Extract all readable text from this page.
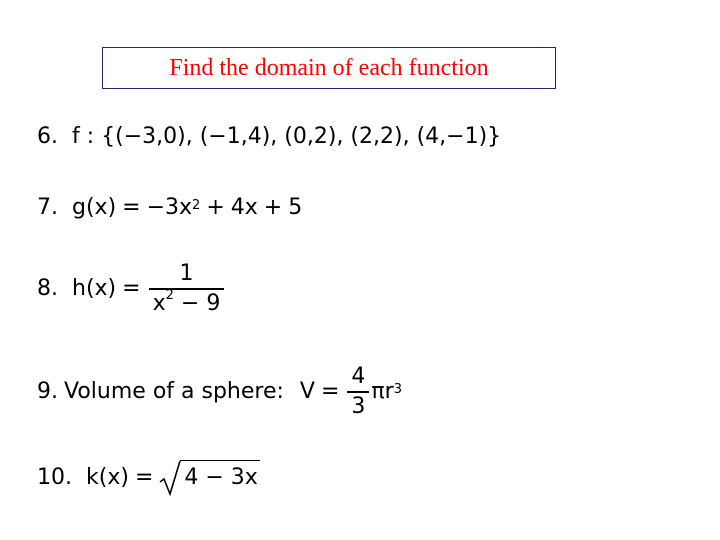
Find the domain of each function
6. f : {(−3,0), (−1,4), (0,2), (2,2), (4,−1)}
7. $g(x) = -3x^2 + 4x + 5$
8. $h(x) = \frac{1}{x^2 - 9}$
9. Volume of a sphere: $V = \frac{4}{3} \pi r^3$
10. k(x) = 4 − 3x
